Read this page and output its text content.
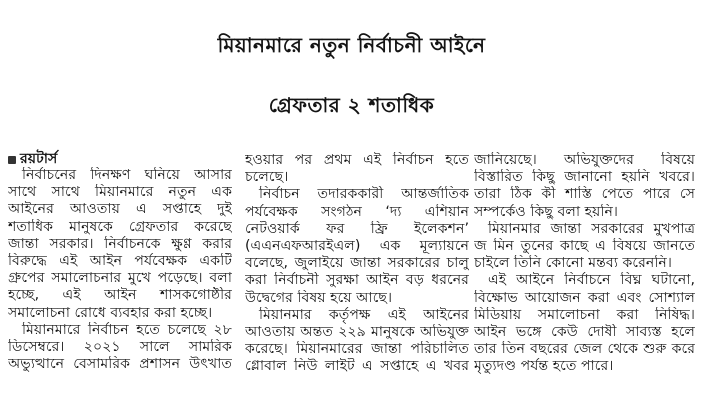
মিয়ানমারে নতুন নির্বাচনী আইনে
গ্রেফতার ২ শতাধিক
রয়টার্স
নির্বাচনের দিনক্ষণ ঘনিয়ে আসার
সাথে সাথে মিয়ানমারে নতুন এক
আইনের আওতায় এ সপ্তাহে দুই
শতাধিক মানুষকে গ্রেফতার করেছে
জান্তা সরকার। নির্বাচনকে ক্ষুণ্ণ করার
বিরুদ্ধে এই আইন পর্যবেক্ষক একটি
গ্রুপের সমালোচনার মুখে পড়েছে। বলা
হচ্ছে, এই আইন শাসকগোষ্ঠীর
সমালোচনা রোধে ব্যবহার করা হচ্ছে।
মিয়ানমারে নির্বাচন হতে চলেছে ২৮
ডিসেম্বরে। ২০২১ সালে সামরিক
অভ্যুত্থানে বেসামরিক প্রশাসন উৎখাত
হওয়ার পর প্রথম এই নির্বাচন হতে
চলেছে।
নির্বাচন তদারককারী আন্তর্জাতিক
পর্যবেক্ষক সংগঠন ‘দ্য এশিয়ান
নেটওয়ার্ক ফর ফ্রি ইলেকশন’
(এএনএফআরইএল) এক মূল্যায়নে
বলেছে, জুলাইয়ে জান্তা সরকারের চালু
করা নির্বাচনী সুরক্ষা আইন বড় ধরনের
উদ্বেগের বিষয় হয়ে আছে।
মিয়ানমার কর্তৃপক্ষ এই আইনের
আওতায় অন্তত ২২৯ মানুষকে অভিযুক্ত
করেছে। মিয়ানমারের জান্তা পরিচালিত
গ্লোবাল নিউ লাইট এ সপ্তাহে এ খবর
জানিয়েছে। অভিযুক্তদের বিষয়ে
বিস্তারিত কিছু জানানো হয়নি খবরে।
তারা ঠিক কী শাস্তি পেতে পারে সে
সম্পর্কেও কিছু বলা হয়নি।
মিয়ানমার জান্তা সরকারের মুখপাত্র
জ মিন তুনের কাছে এ বিষয়ে জানতে
চাইলে তিনি কোনো মন্তব্য করেননি।
এই আইনে নির্বাচনে বিঘ্ন ঘটানো,
বিক্ষোভ আয়োজন করা এবং সোশ্যাল
মিডিয়ায় সমালোচনা করা নিষিদ্ধ।
আইন ভঙ্গে কেউ দোষী সাব্যস্ত হলে
তার তিন বছরের জেল থেকে শুরু করে
মৃত্যুদণ্ড পর্যন্ত হতে পারে।
